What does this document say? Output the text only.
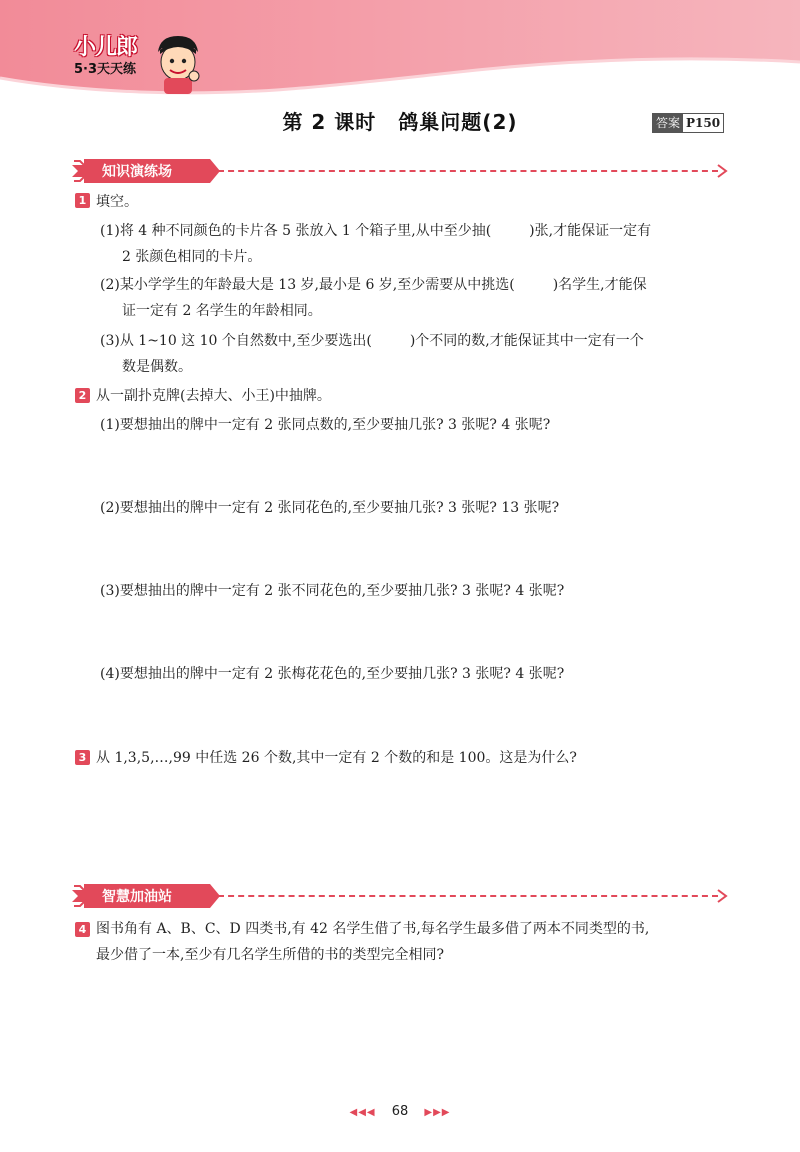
小儿郎
5·3天天练
第 2 课时 鸽巢问题(2)	答案 P150
知识演练场
1 填空。
(1)将 4 种不同颜色的卡片各 5 张放入 1 个箱子里,从中至少抽(	)张,才能保证一定有
2 张颜色相同的卡片。
(2)某小学学生的年龄最大是 13 岁,最小是 6 岁,至少需要从中挑选(	)名学生,才能保
证一定有 2 名学生的年龄相同。
(3)从 1~10 这 10 个自然数中,至少要选出(	)个不同的数,才能保证其中一定有一个
数是偶数。
2 从一副扑克牌(去掉大、小王)中抽牌。
(1)要想抽出的牌中一定有 2 张同点数的,至少要抽几张? 3 张呢? 4 张呢?
(2)要想抽出的牌中一定有 2 张同花色的,至少要抽几张? 3 张呢? 13 张呢?
(3)要想抽出的牌中一定有 2 张不同花色的,至少要抽几张? 3 张呢? 4 张呢?
(4)要想抽出的牌中一定有 2 张梅花花色的,至少要抽几张? 3 张呢? 4 张呢?
3 从 1,3,5,…,99 中任选 26 个数,其中一定有 2 个数的和是 100。这是为什么?
智慧加油站
4 图书角有 A、B、C、D 四类书,有 42 名学生借了书,每名学生最多借了两本不同类型的书,
最少借了一本,至少有几名学生所借的书的类型完全相同?
◀◀◀ 68 ▶▶▶
